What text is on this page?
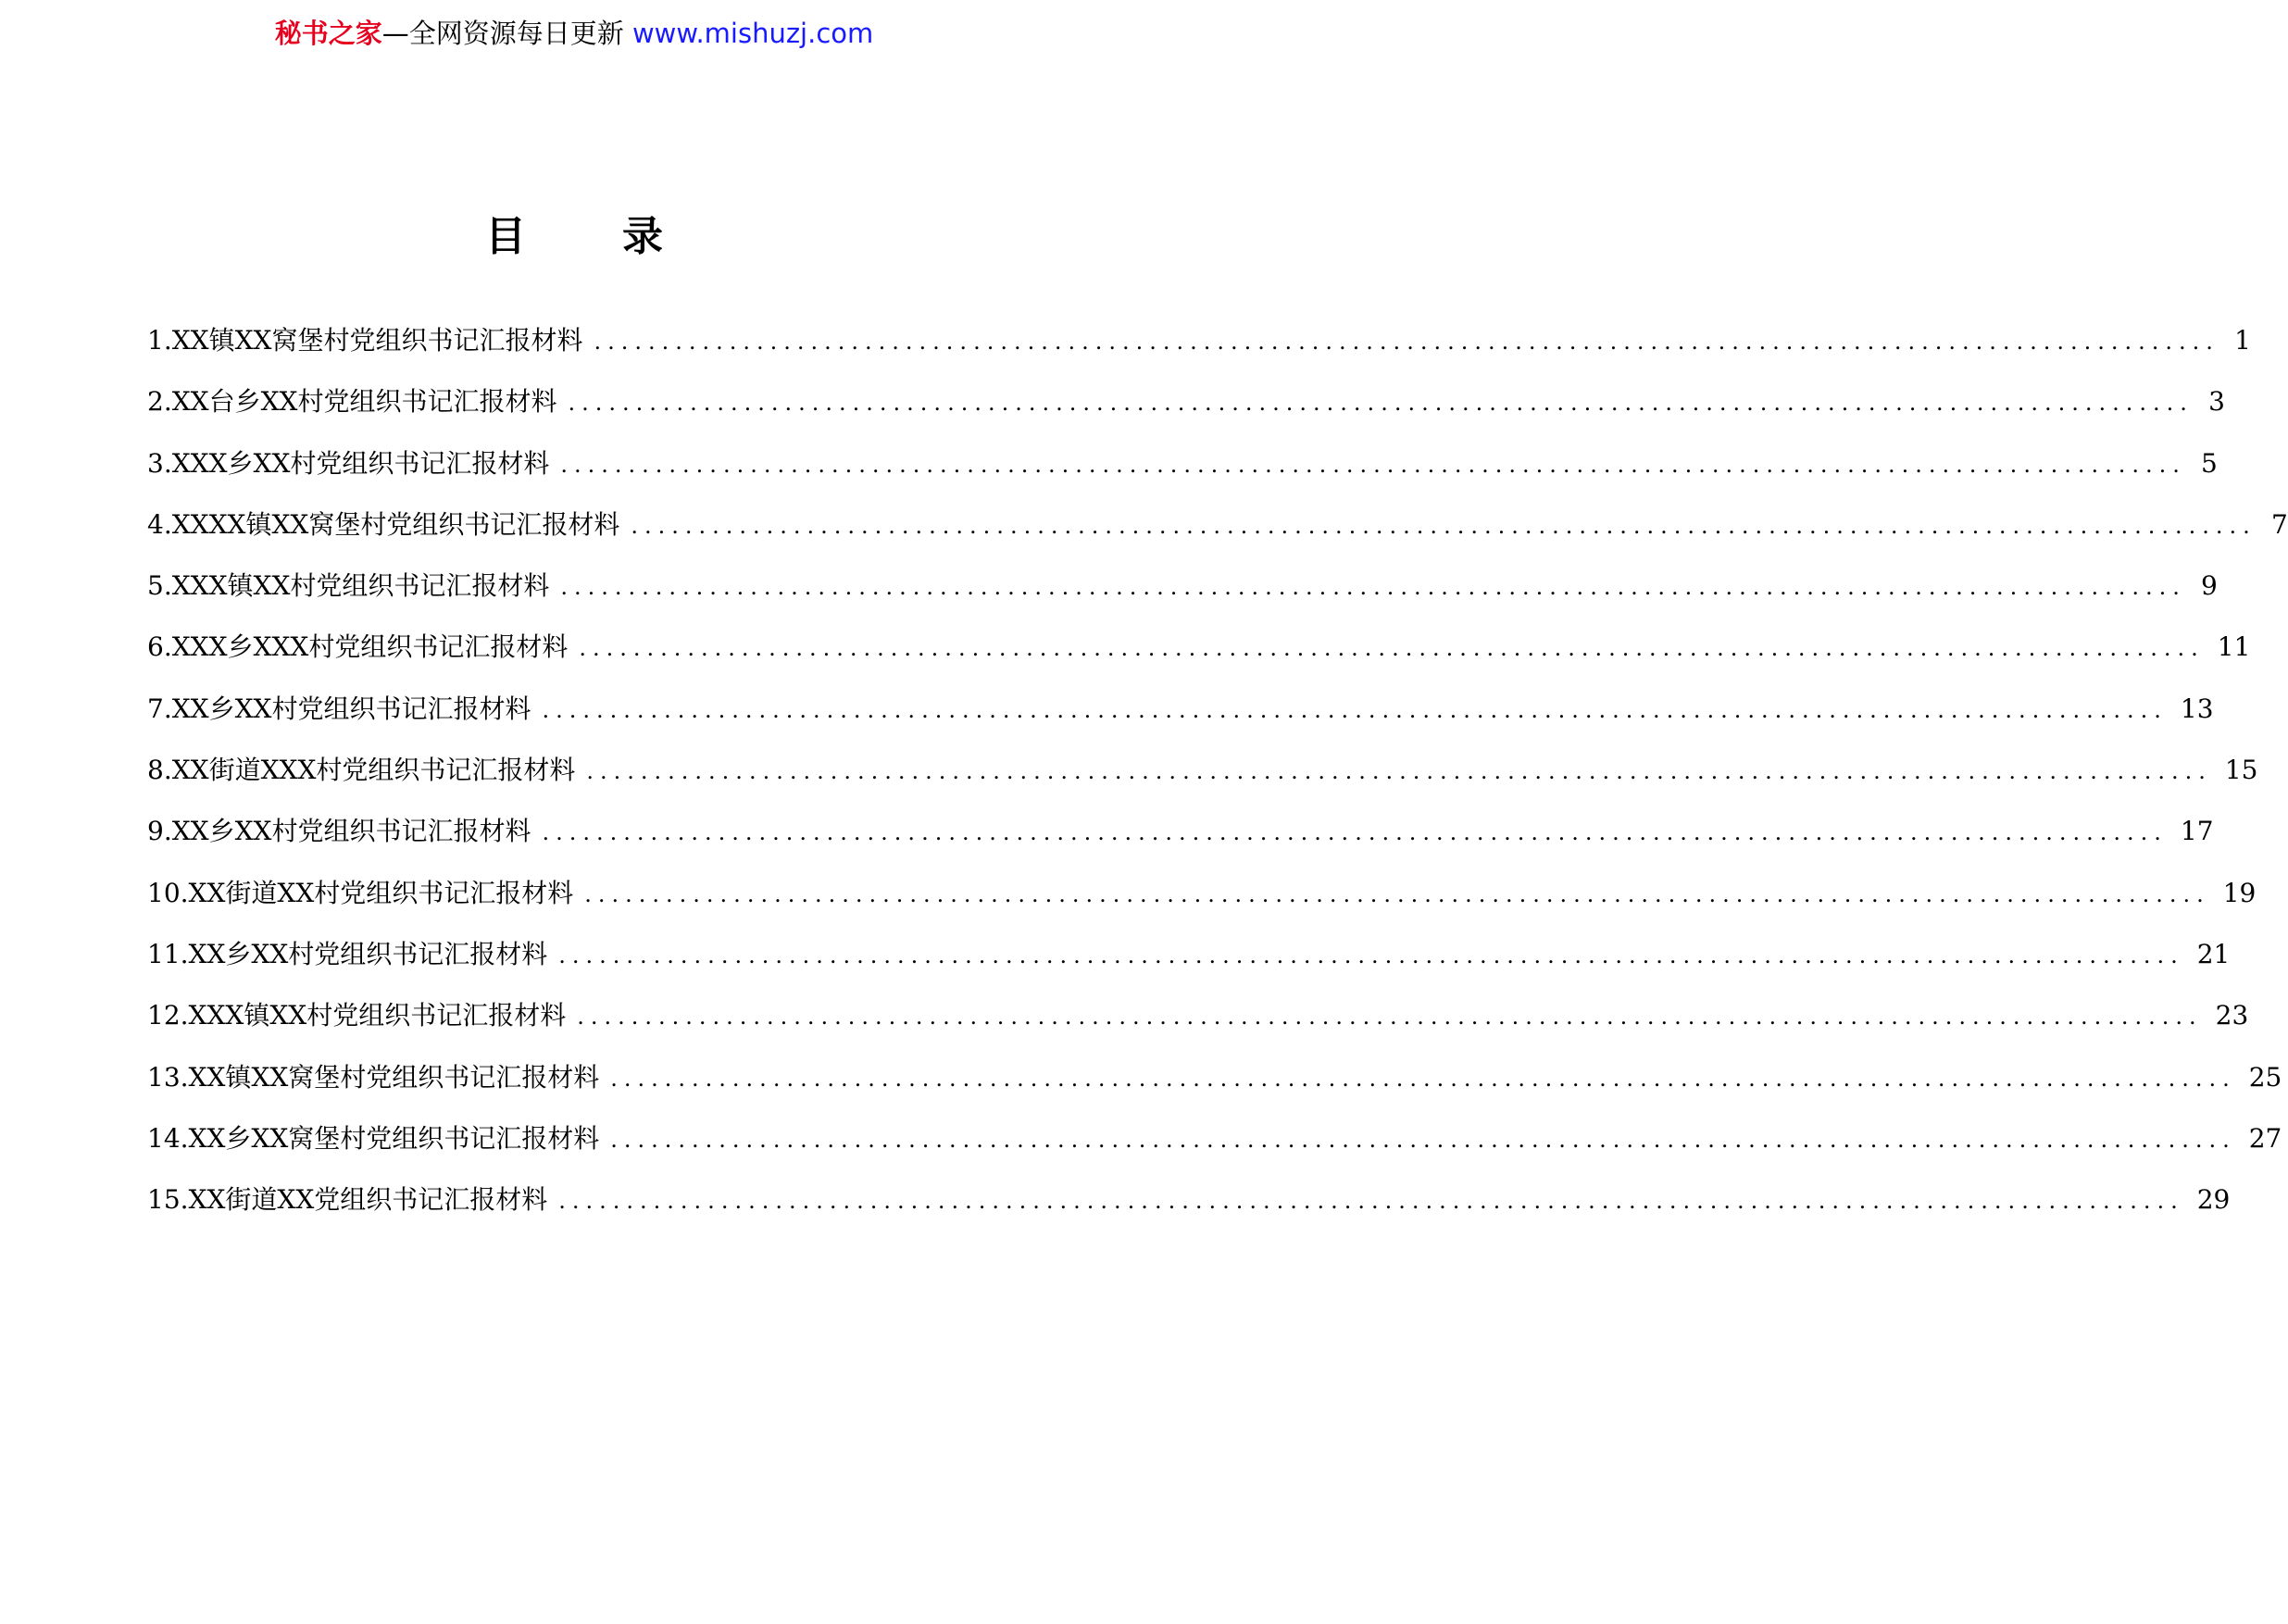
秘书之家—全网资源每日更新 www.mishuzj.com
目 录
1.XX镇XX窝堡村党组织书记汇报材料 ........................................................................................................................ 1
2.XX台乡XX村党组织书记汇报材料 ........................................................................................................................ 3
3.XXX乡XX村党组织书记汇报材料 ........................................................................................................................ 5
4.XXXX镇XX窝堡村党组织书记汇报材料 ........................................................................................................................ 7
5.XXX镇XX村党组织书记汇报材料 ........................................................................................................................ 9
6.XXX乡XXX村党组织书记汇报材料 ........................................................................................................................ 11
7.XX乡XX村党组织书记汇报材料 ........................................................................................................................ 13
8.XX街道XXX村党组织书记汇报材料 ........................................................................................................................ 15
9.XX乡XX村党组织书记汇报材料 ........................................................................................................................ 17
10.XX街道XX村党组织书记汇报材料 ........................................................................................................................ 19
11.XX乡XX村党组织书记汇报材料 ........................................................................................................................ 21
12.XXX镇XX村党组织书记汇报材料 ........................................................................................................................ 23
13.XX镇XX窝堡村党组织书记汇报材料 ........................................................................................................................ 25
14.XX乡XX窝堡村党组织书记汇报材料 ........................................................................................................................ 27
15.XX街道XX党组织书记汇报材料 ........................................................................................................................ 29
